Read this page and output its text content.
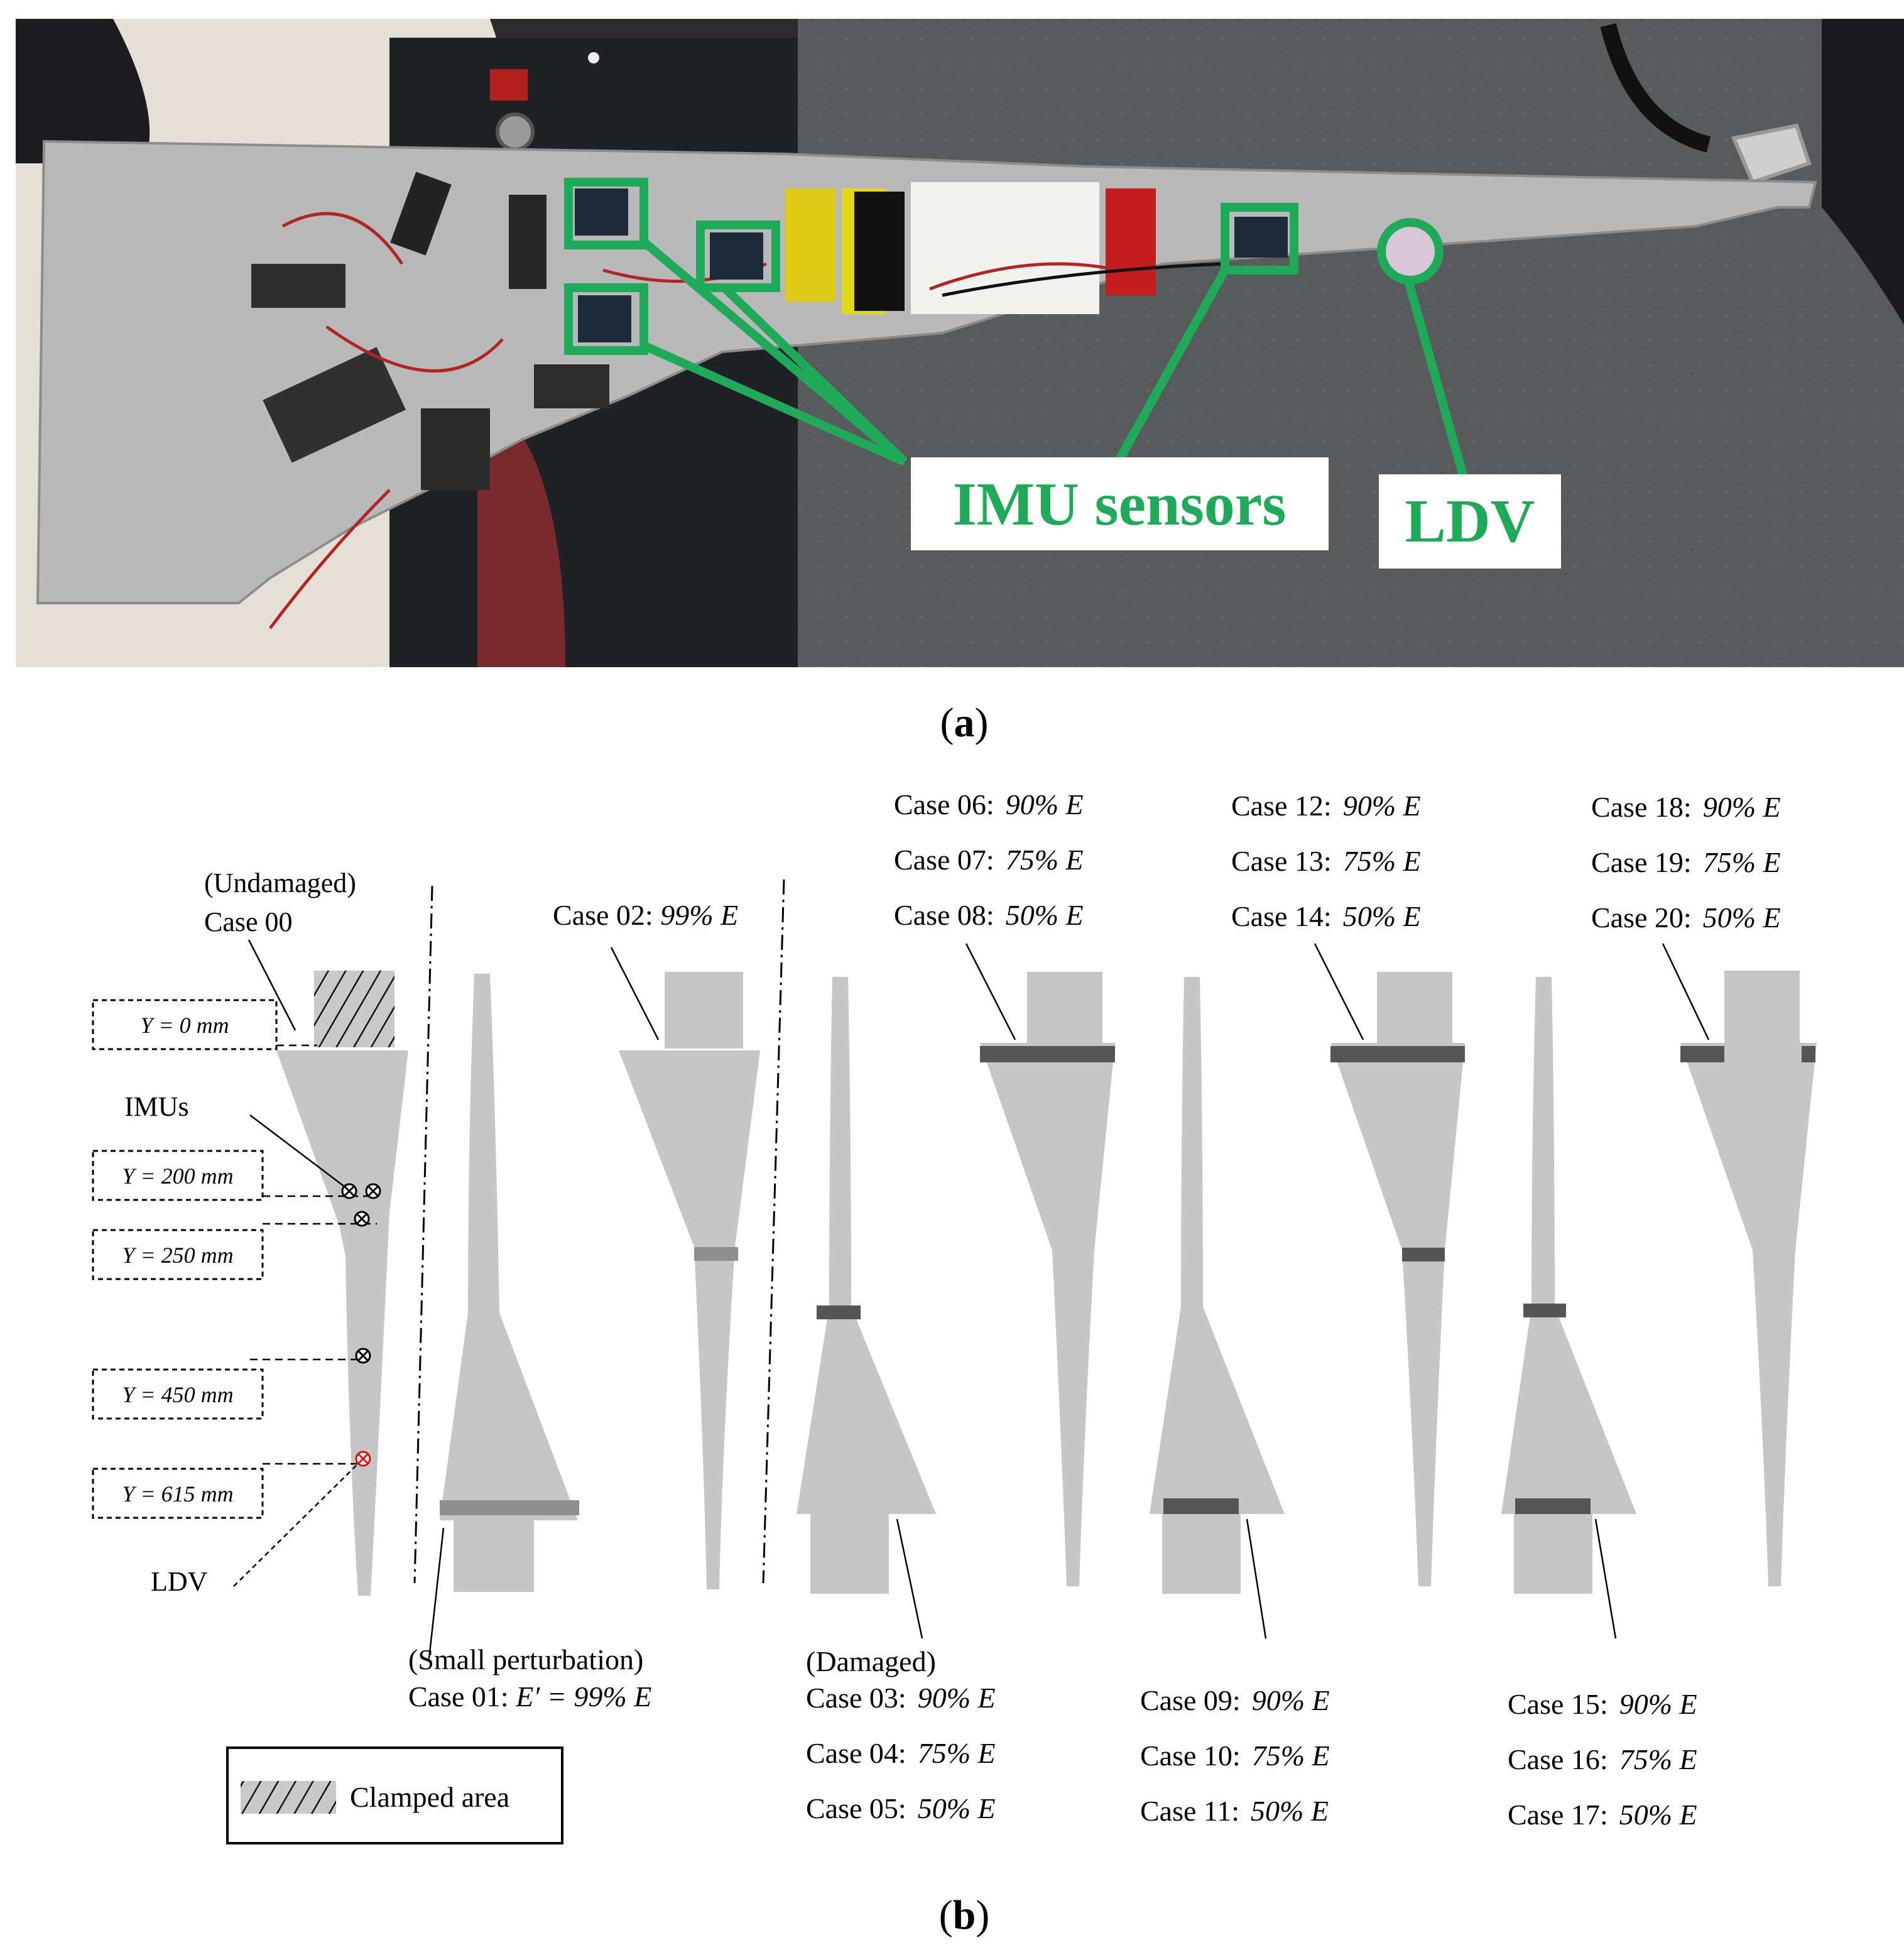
IMU sensors LDV
(a)
Y = 0 mm
Y = 200 mm
Y = 250 mm
Y = 450 mm
Y = 615 mm
(Undamaged)
Case 00
IMUs
LDV
Case 02: 99% E
Case 06: 90% E
Case 07: 75% E
Case 08: 50% E
Case 12: 90% E
Case 13: 75% E
Case 14: 50% E
Case 18: 90% E
Case 19: 75% E
Case 20: 50% E
(Small perturbation)
Case 01: E′ = 99% E
(Damaged)
Case 03: 90% E
Case 04: 75% E
Case 05: 50% E
Case 09: 90% E
Case 10: 75% E
Case 11: 50% E
Case 15: 90% E
Case 16: 75% E
Case 17: 50% E
Clamped area
(b)
